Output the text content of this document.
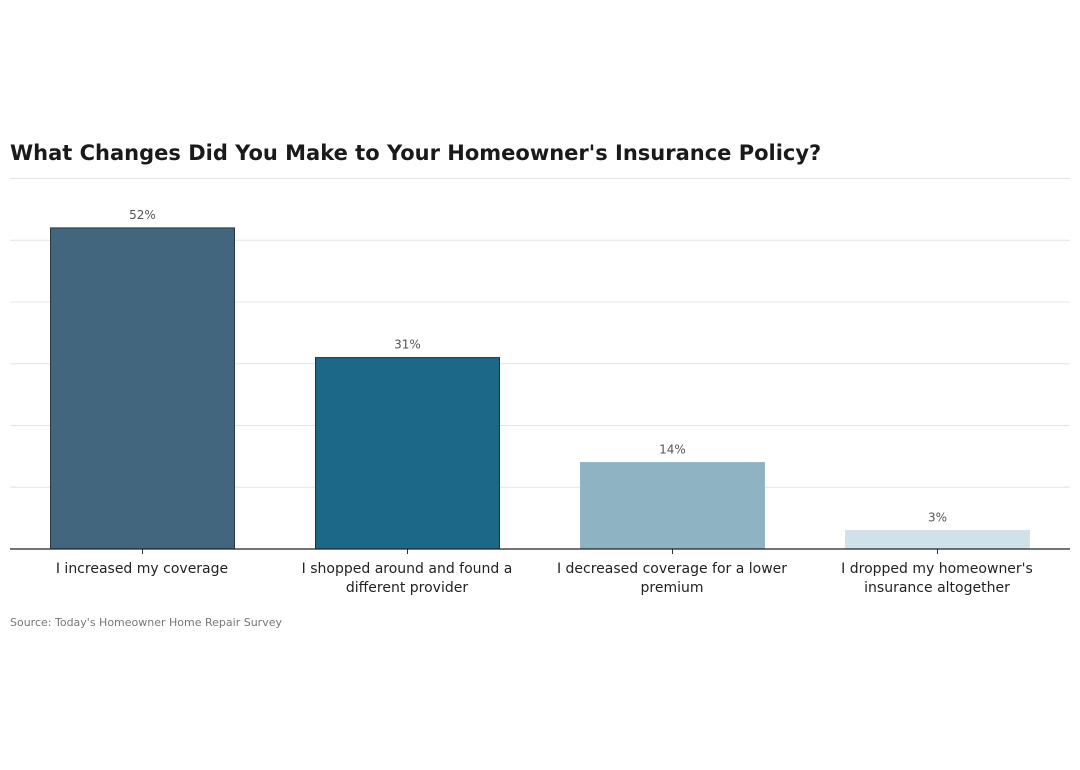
What Changes Did You Make to Your Homeowner's Insurance Policy?
52%
31%
14%
3%
I increased my coverage	I shopped around and found a different provider
I decreased coverage for a lower premium
I dropped my homeowner's insurance altogether
Source: Today's Homeowner Home Repair Survey
